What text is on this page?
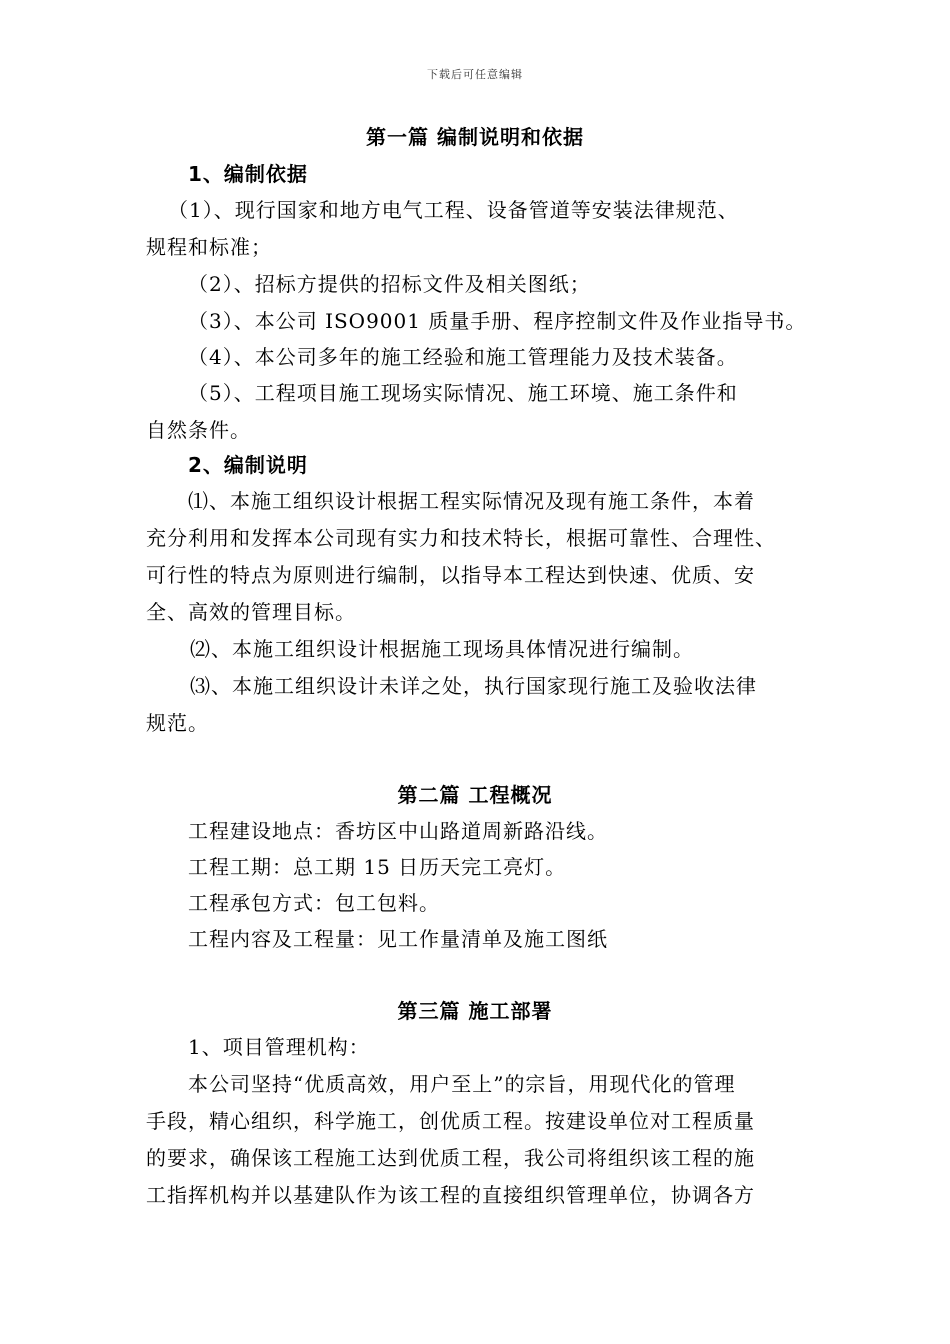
下载后可任意编辑
第一篇 编制说明和依据
1、编制依据
（1）、现行国家和地方电气工程、设备管道等安装法律规范、
规程和标准；
（2）、招标方提供的招标文件及相关图纸；
（3）、本公司 ISO9001 质量手册、程序控制文件及作业指导书。
（4）、本公司多年的施工经验和施工管理能力及技术装备。
（5）、工程项目施工现场实际情况、施工环境、施工条件和
自然条件。
2、编制说明
⑴、本施工组织设计根据工程实际情况及现有施工条件，本着
充分利用和发挥本公司现有实力和技术特长，根据可靠性、合理性、
可行性的特点为原则进行编制，以指导本工程达到快速、优质、安
全、高效的管理目标。
⑵、本施工组织设计根据施工现场具体情况进行编制。
⑶、本施工组织设计未详之处，执行国家现行施工及验收法律
规范。
第二篇 工程概况
工程建设地点：香坊区中山路道周新路沿线。
工程工期：总工期 15 日历天完工亮灯。
工程承包方式：包工包料。
工程内容及工程量：见工作量清单及施工图纸
第三篇 施工部署
1、项目管理机构：
本公司坚持“优质高效，用户至上”的宗旨，用现代化的管理
手段，精心组织，科学施工，创优质工程。按建设单位对工程质量
的要求，确保该工程施工达到优质工程，我公司将组织该工程的施
工指挥机构并以基建队作为该工程的直接组织管理单位，协调各方
